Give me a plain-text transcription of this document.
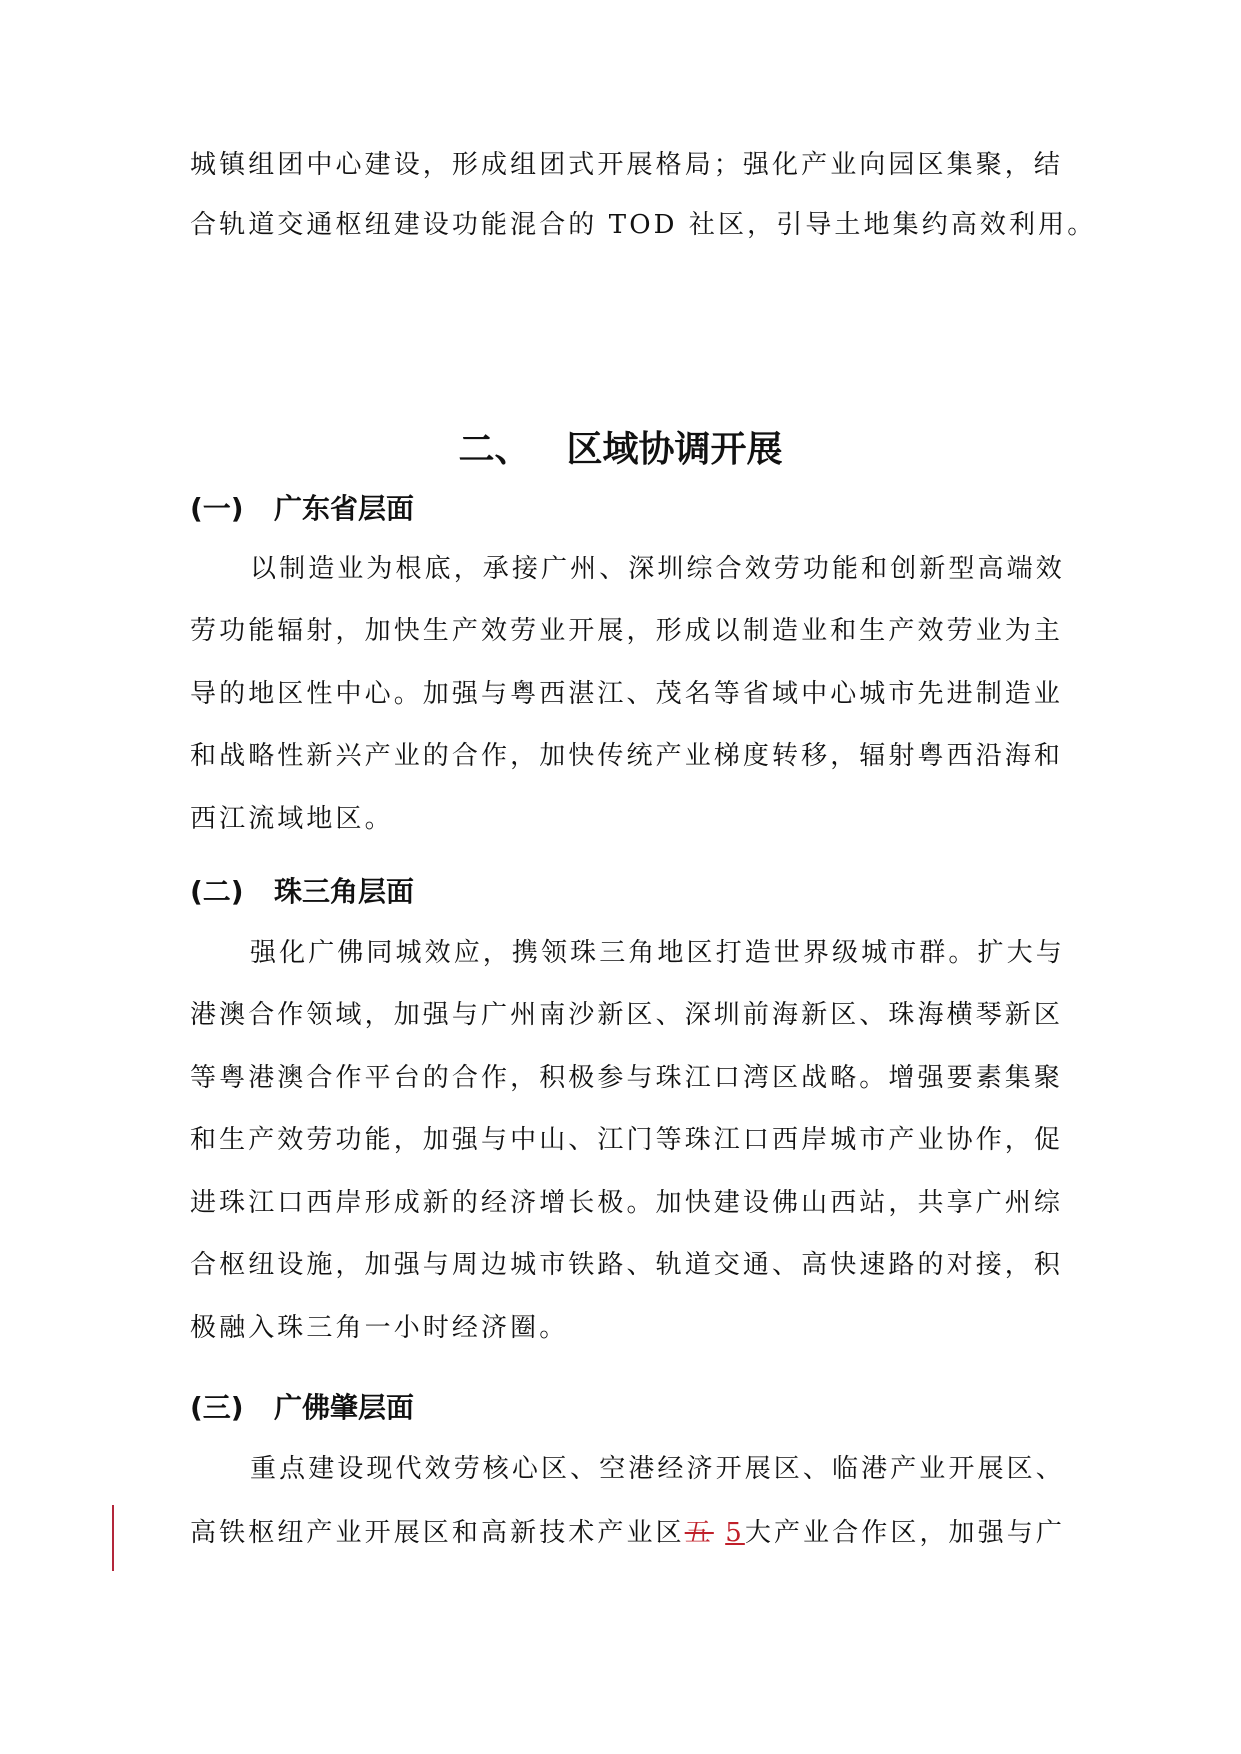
城镇组团中心建设，形成组团式开展格局；强化产业向园区集聚，结
合轨道交通枢纽建设功能混合的 TOD 社区，引导土地集约高效利用。
二、 区域协调开展
(一) 广东省层面
以制造业为根底，承接广州、深圳综合效劳功能和创新型高端效
劳功能辐射，加快生产效劳业开展，形成以制造业和生产效劳业为主
导的地区性中心。加强与粤西湛江、茂名等省域中心城市先进制造业
和战略性新兴产业的合作，加快传统产业梯度转移，辐射粤西沿海和
西江流域地区。
(二) 珠三角层面
强化广佛同城效应，携领珠三角地区打造世界级城市群。扩大与
港澳合作领域，加强与广州南沙新区、深圳前海新区、珠海横琴新区
等粤港澳合作平台的合作，积极参与珠江口湾区战略。增强要素集聚
和生产效劳功能，加强与中山、江门等珠江口西岸城市产业协作，促
进珠江口西岸形成新的经济增长极。加快建设佛山西站，共享广州综
合枢纽设施，加强与周边城市铁路、轨道交通、高快速路的对接，积
极融入珠三角一小时经济圈。
(三) 广佛肇层面
重点建设现代效劳核心区、空港经济开展区、临港产业开展区、
高铁枢纽产业开展区和高新技术产业区五 5大产业合作区，加强与广
